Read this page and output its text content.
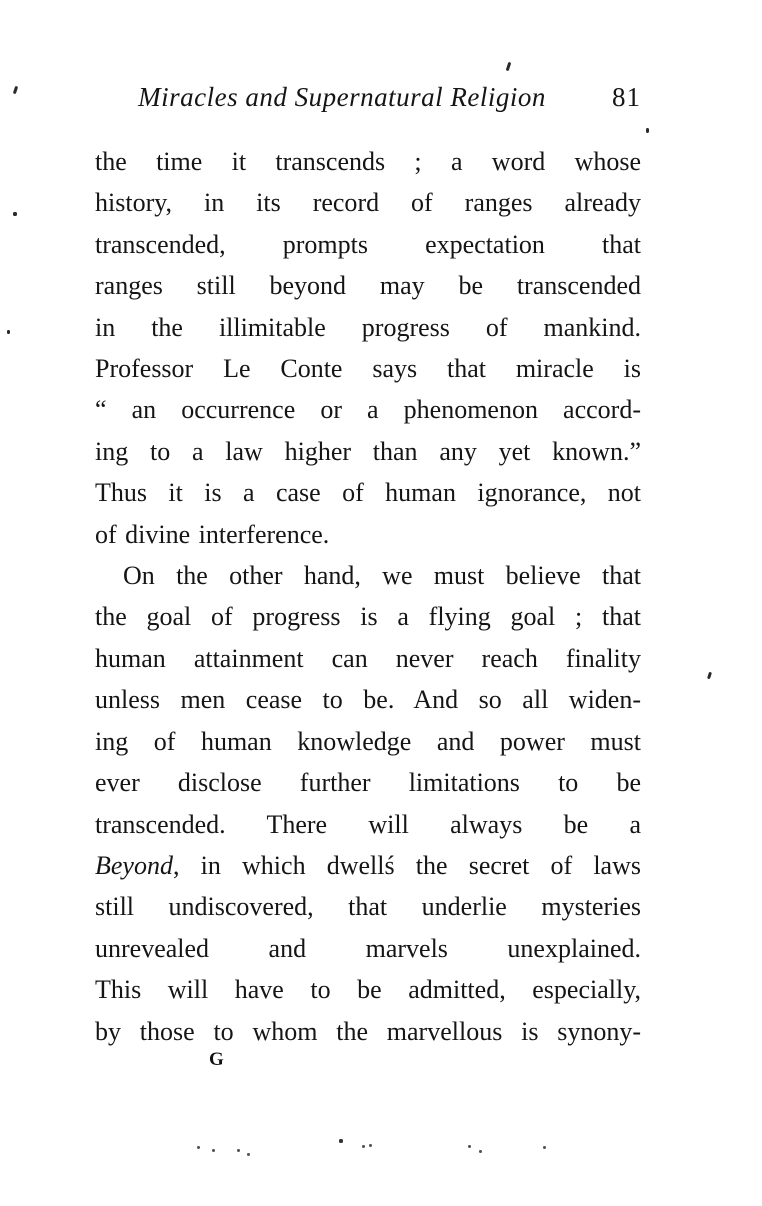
Miracles and Supernatural Religion	81
the time it transcends ; a word whose
history, in its record of ranges already
transcended, prompts expectation that
ranges still beyond may be transcended
in the illimitable progress of mankind.
Professor Le Conte says that miracle is
“ an occurrence or a phenomenon accord-
ing to a law higher than any yet known.”
Thus it is a case of human ignorance, not
of divine interference.
On the other hand, we must believe that
the goal of progress is a flying goal ; that
human attainment can never reach finality
unless men cease to be. And so all widen-
ing of human knowledge and power must
ever disclose further limitations to be
transcended. There will always be a
Beyond, in which dwellś the secret of laws
still undiscovered, that underlie mysteries
unrevealed and marvels unexplained.
This will have to be admitted, especially,
by those to whom the marvellous is synony-
G
